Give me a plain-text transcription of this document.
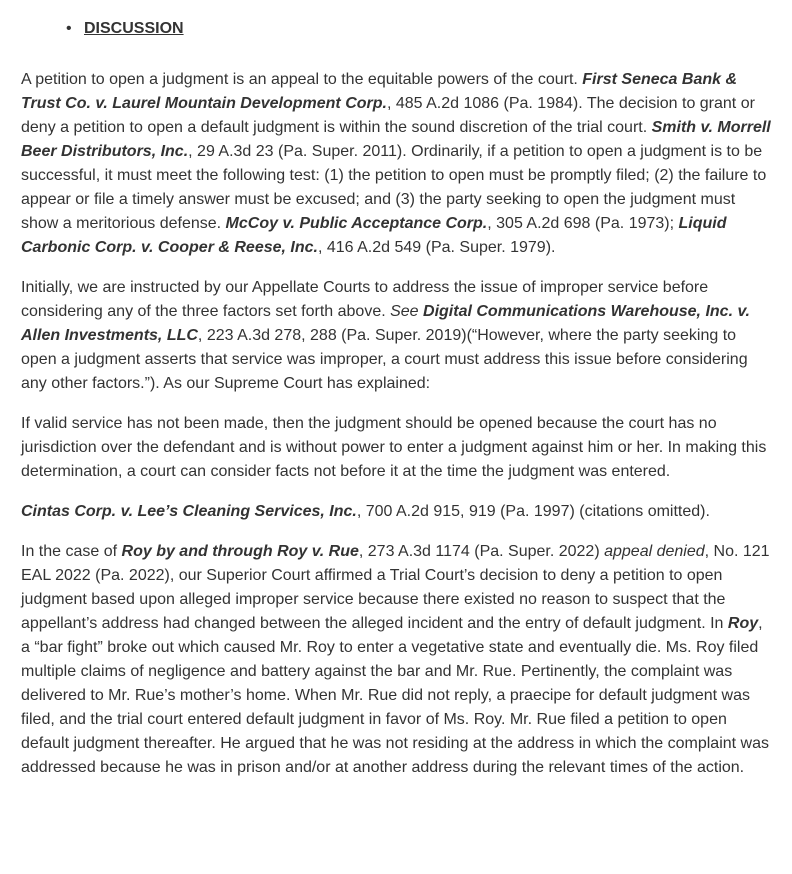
• DISCUSSION

A petition to open a judgment is an appeal to the equitable powers of the court. First Seneca Bank & Trust Co. v. Laurel Mountain Development Corp., 485 A.2d 1086 (Pa. 1984). The decision to grant or deny a petition to open a default judgment is within the sound discretion of the trial court. Smith v. Morrell Beer Distributors, Inc., 29 A.3d 23 (Pa. Super. 2011). Ordinarily, if a petition to open a judgment is to be successful, it must meet the following test: (1) the petition to open must be promptly filed; (2) the failure to appear or file a timely answer must be excused; and (3) the party seeking to open the judgment must show a meritorious defense. McCoy v. Public Acceptance Corp., 305 A.2d 698 (Pa. 1973); Liquid Carbonic Corp. v. Cooper & Reese, Inc., 416 A.2d 549 (Pa. Super. 1979).

Initially, we are instructed by our Appellate Courts to address the issue of improper service before considering any of the three factors set forth above. See Digital Communications Warehouse, Inc. v. Allen Investments, LLC, 223 A.3d 278, 288 (Pa. Super. 2019)(“However, where the party seeking to open a judgment asserts that service was improper, a court must address this issue before considering any other factors.”). As our Supreme Court has explained:

If valid service has not been made, then the judgment should be opened because the court has no jurisdiction over the defendant and is without power to enter a judgment against him or her. In making this determination, a court can consider facts not before it at the time the judgment was entered.

Cintas Corp. v. Lee’s Cleaning Services, Inc., 700 A.2d 915, 919 (Pa. 1997) (citations omitted).

In the case of Roy by and through Roy v. Rue, 273 A.3d 1174 (Pa. Super. 2022) appeal denied, No. 121 EAL 2022 (Pa. 2022), our Superior Court affirmed a Trial Court’s decision to deny a petition to open judgment based upon alleged improper service because there existed no reason to suspect that the appellant’s address had changed between the alleged incident and the entry of default judgment. In Roy, a “bar fight” broke out which caused Mr. Roy to enter a vegetative state and eventually die. Ms. Roy filed multiple claims of negligence and battery against the bar and Mr. Rue. Pertinently, the complaint was delivered to Mr. Rue’s mother’s home. When Mr. Rue did not reply, a praecipe for default judgment was filed, and the trial court entered default judgment in favor of Ms. Roy. Mr. Rue filed a petition to open default judgment thereafter. He argued that he was not residing at the address in which the complaint was addressed because he was in prison and/or at another address during the relevant times of the action.
